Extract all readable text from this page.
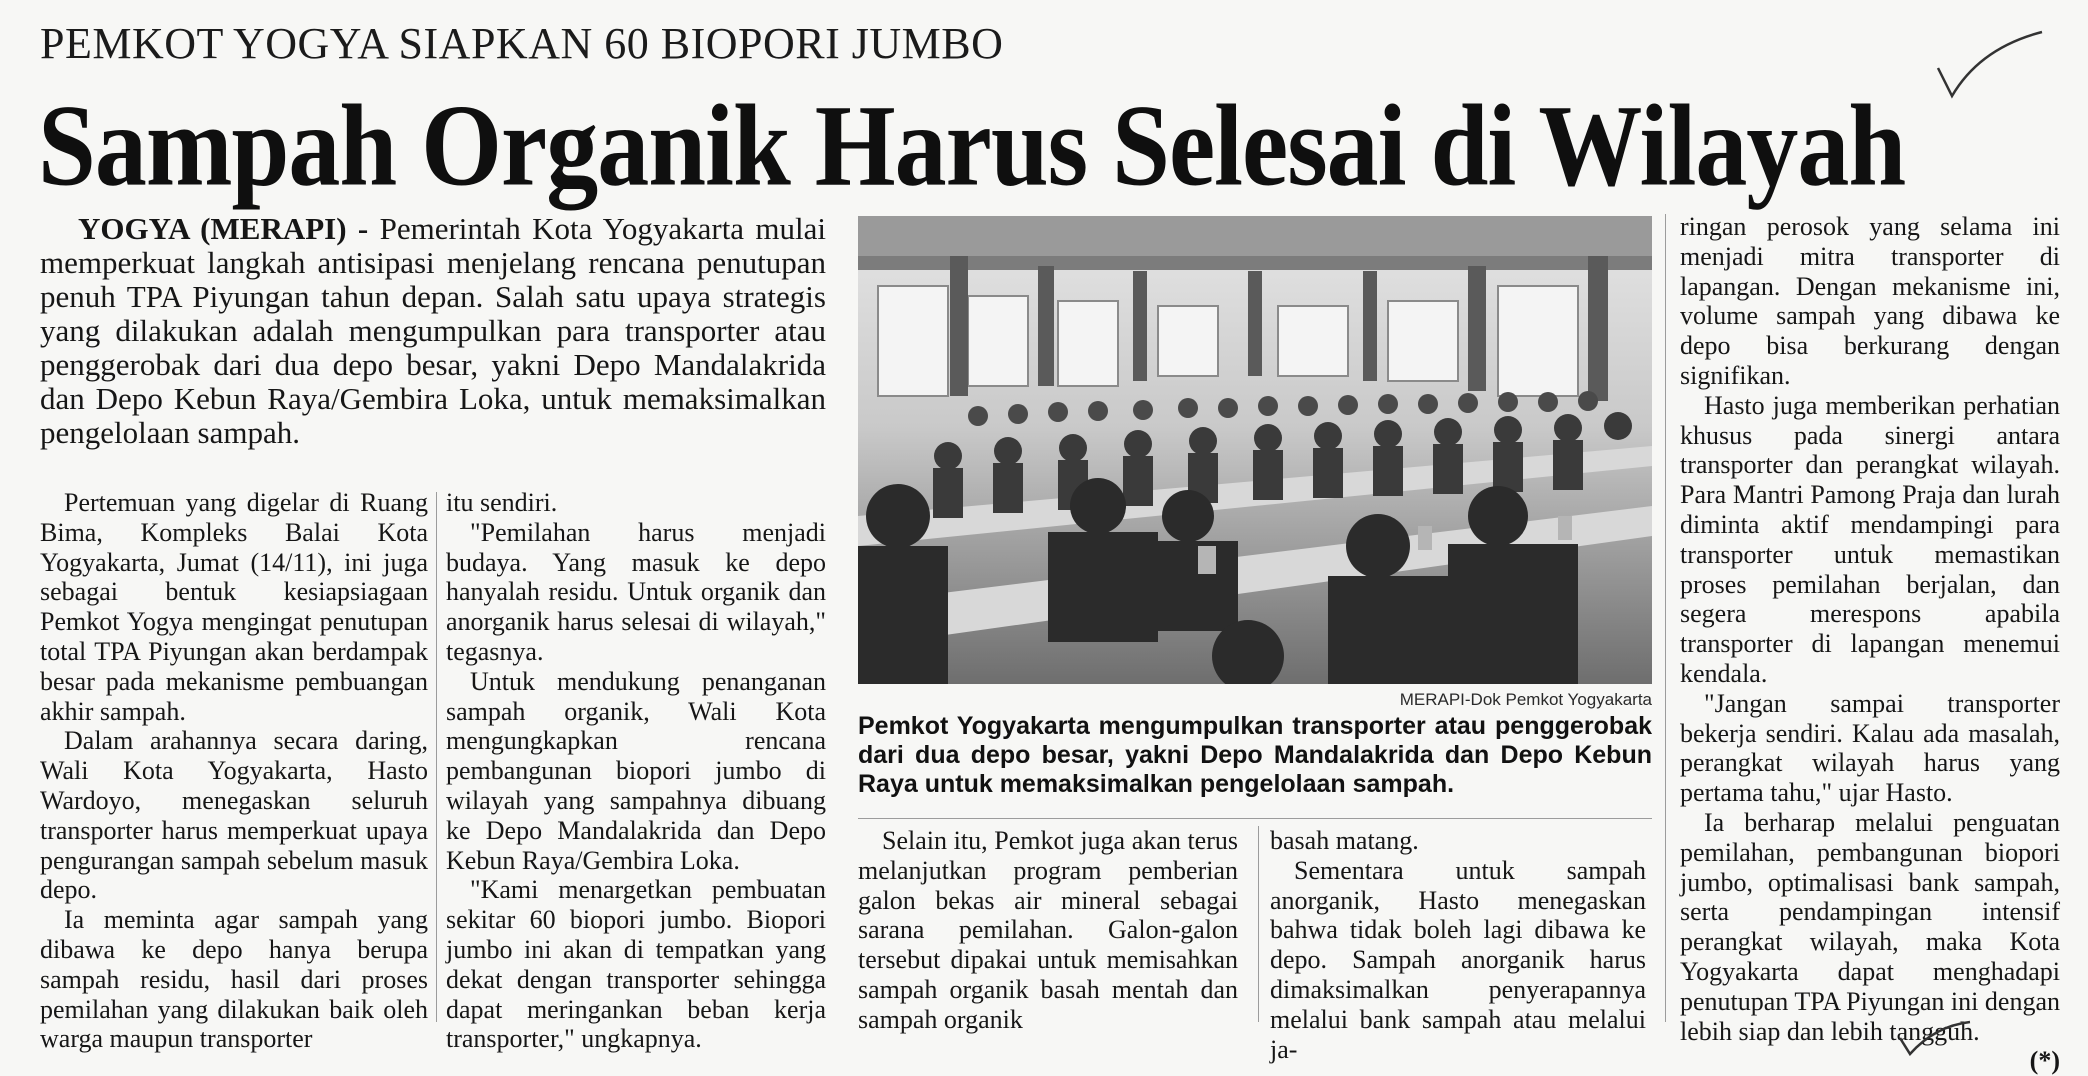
PEMKOT YOGYA SIAPKAN 60 BIOPORI JUMBO
Sampah Organik Harus Selesai di Wilayah

YOGYA (MERAPI) - Pemerintah Kota Yogyakarta mulai memperkuat langkah antisipasi menjelang rencana penutupan penuh TPA Piyungan tahun depan. Salah satu upaya strategis yang dilakukan adalah mengumpulkan para transporter atau penggerobak dari dua depo besar, yakni Depo Mandalakrida dan Depo Kebun Raya/Gembira Loka, untuk memaksimalkan pengelolaan sampah.

Pertemuan yang digelar di Ruang Bima, Kompleks Balai Kota Yogyakarta, Jumat (14/11), ini juga sebagai bentuk kesiapsiagaan Pemkot Yogya mengingat penutupan total TPA Piyungan akan berdampak besar pada mekanisme pembuangan akhir sampah.

Dalam arahannya secara daring, Wali Kota Yogyakarta, Hasto Wardoyo, menegaskan seluruh transporter harus memperkuat upaya pengurangan sampah sebelum masuk depo.

Ia meminta agar sampah yang dibawa ke depo hanya berupa sampah residu, hasil dari proses pemilahan yang dilakukan baik oleh warga maupun transporter

itu sendiri.

"Pemilahan harus menjadi budaya. Yang masuk ke depo hanyalah residu. Untuk organik dan anorganik harus selesai di wilayah," tegasnya.

Untuk mendukung penanganan sampah organik, Wali Kota mengungkapkan rencana pembangunan biopori jumbo di wilayah yang sampahnya dibuang ke Depo Mandalakrida dan Depo Kebun Raya/Gembira Loka.

"Kami menargetkan pembuatan sekitar 60 biopori jumbo. Biopori jumbo ini akan di tempatkan yang dekat dengan transporter sehingga dapat meringankan beban kerja transporter," ungkapnya.

MERAPI-Dok Pemkot Yogyakarta
Pemkot Yogyakarta mengumpulkan transporter atau penggerobak dari dua depo besar, yakni Depo Mandalakrida dan Depo Kebun Raya untuk memaksimalkan pengelolaan sampah.

Selain itu, Pemkot juga akan terus melanjutkan program pemberian galon bekas air mineral sebagai sarana pemilahan. Galon-galon tersebut dipakai untuk memisahkan sampah organik basah mentah dan sampah organik

basah matang.

Sementara untuk sampah anorganik, Hasto menegaskan bahwa tidak boleh lagi dibawa ke depo. Sampah anorganik harus dimaksimalkan penyerapannya melalui bank sampah atau melalui ja-

ringan perosok yang selama ini menjadi mitra transporter di lapangan. Dengan mekanisme ini, volume sampah yang dibawa ke depo bisa berkurang dengan signifikan.

Hasto juga memberikan perhatian khusus pada sinergi antara transporter dan perangkat wilayah. Para Mantri Pamong Praja dan lurah diminta aktif mendampingi para transporter untuk memastikan proses pemilahan berjalan, dan segera merespons apabila transporter di lapangan menemui kendala.

"Jangan sampai transporter bekerja sendiri. Kalau ada masalah, perangkat wilayah harus yang pertama tahu," ujar Hasto.

Ia berharap melalui penguatan pemilahan, pembangunan biopori jumbo, optimalisasi bank sampah, serta pendampingan intensif perangkat wilayah, maka Kota Yogyakarta dapat menghadapi penutupan TPA Piyungan ini dengan lebih siap dan lebih tangguh.

(*)
